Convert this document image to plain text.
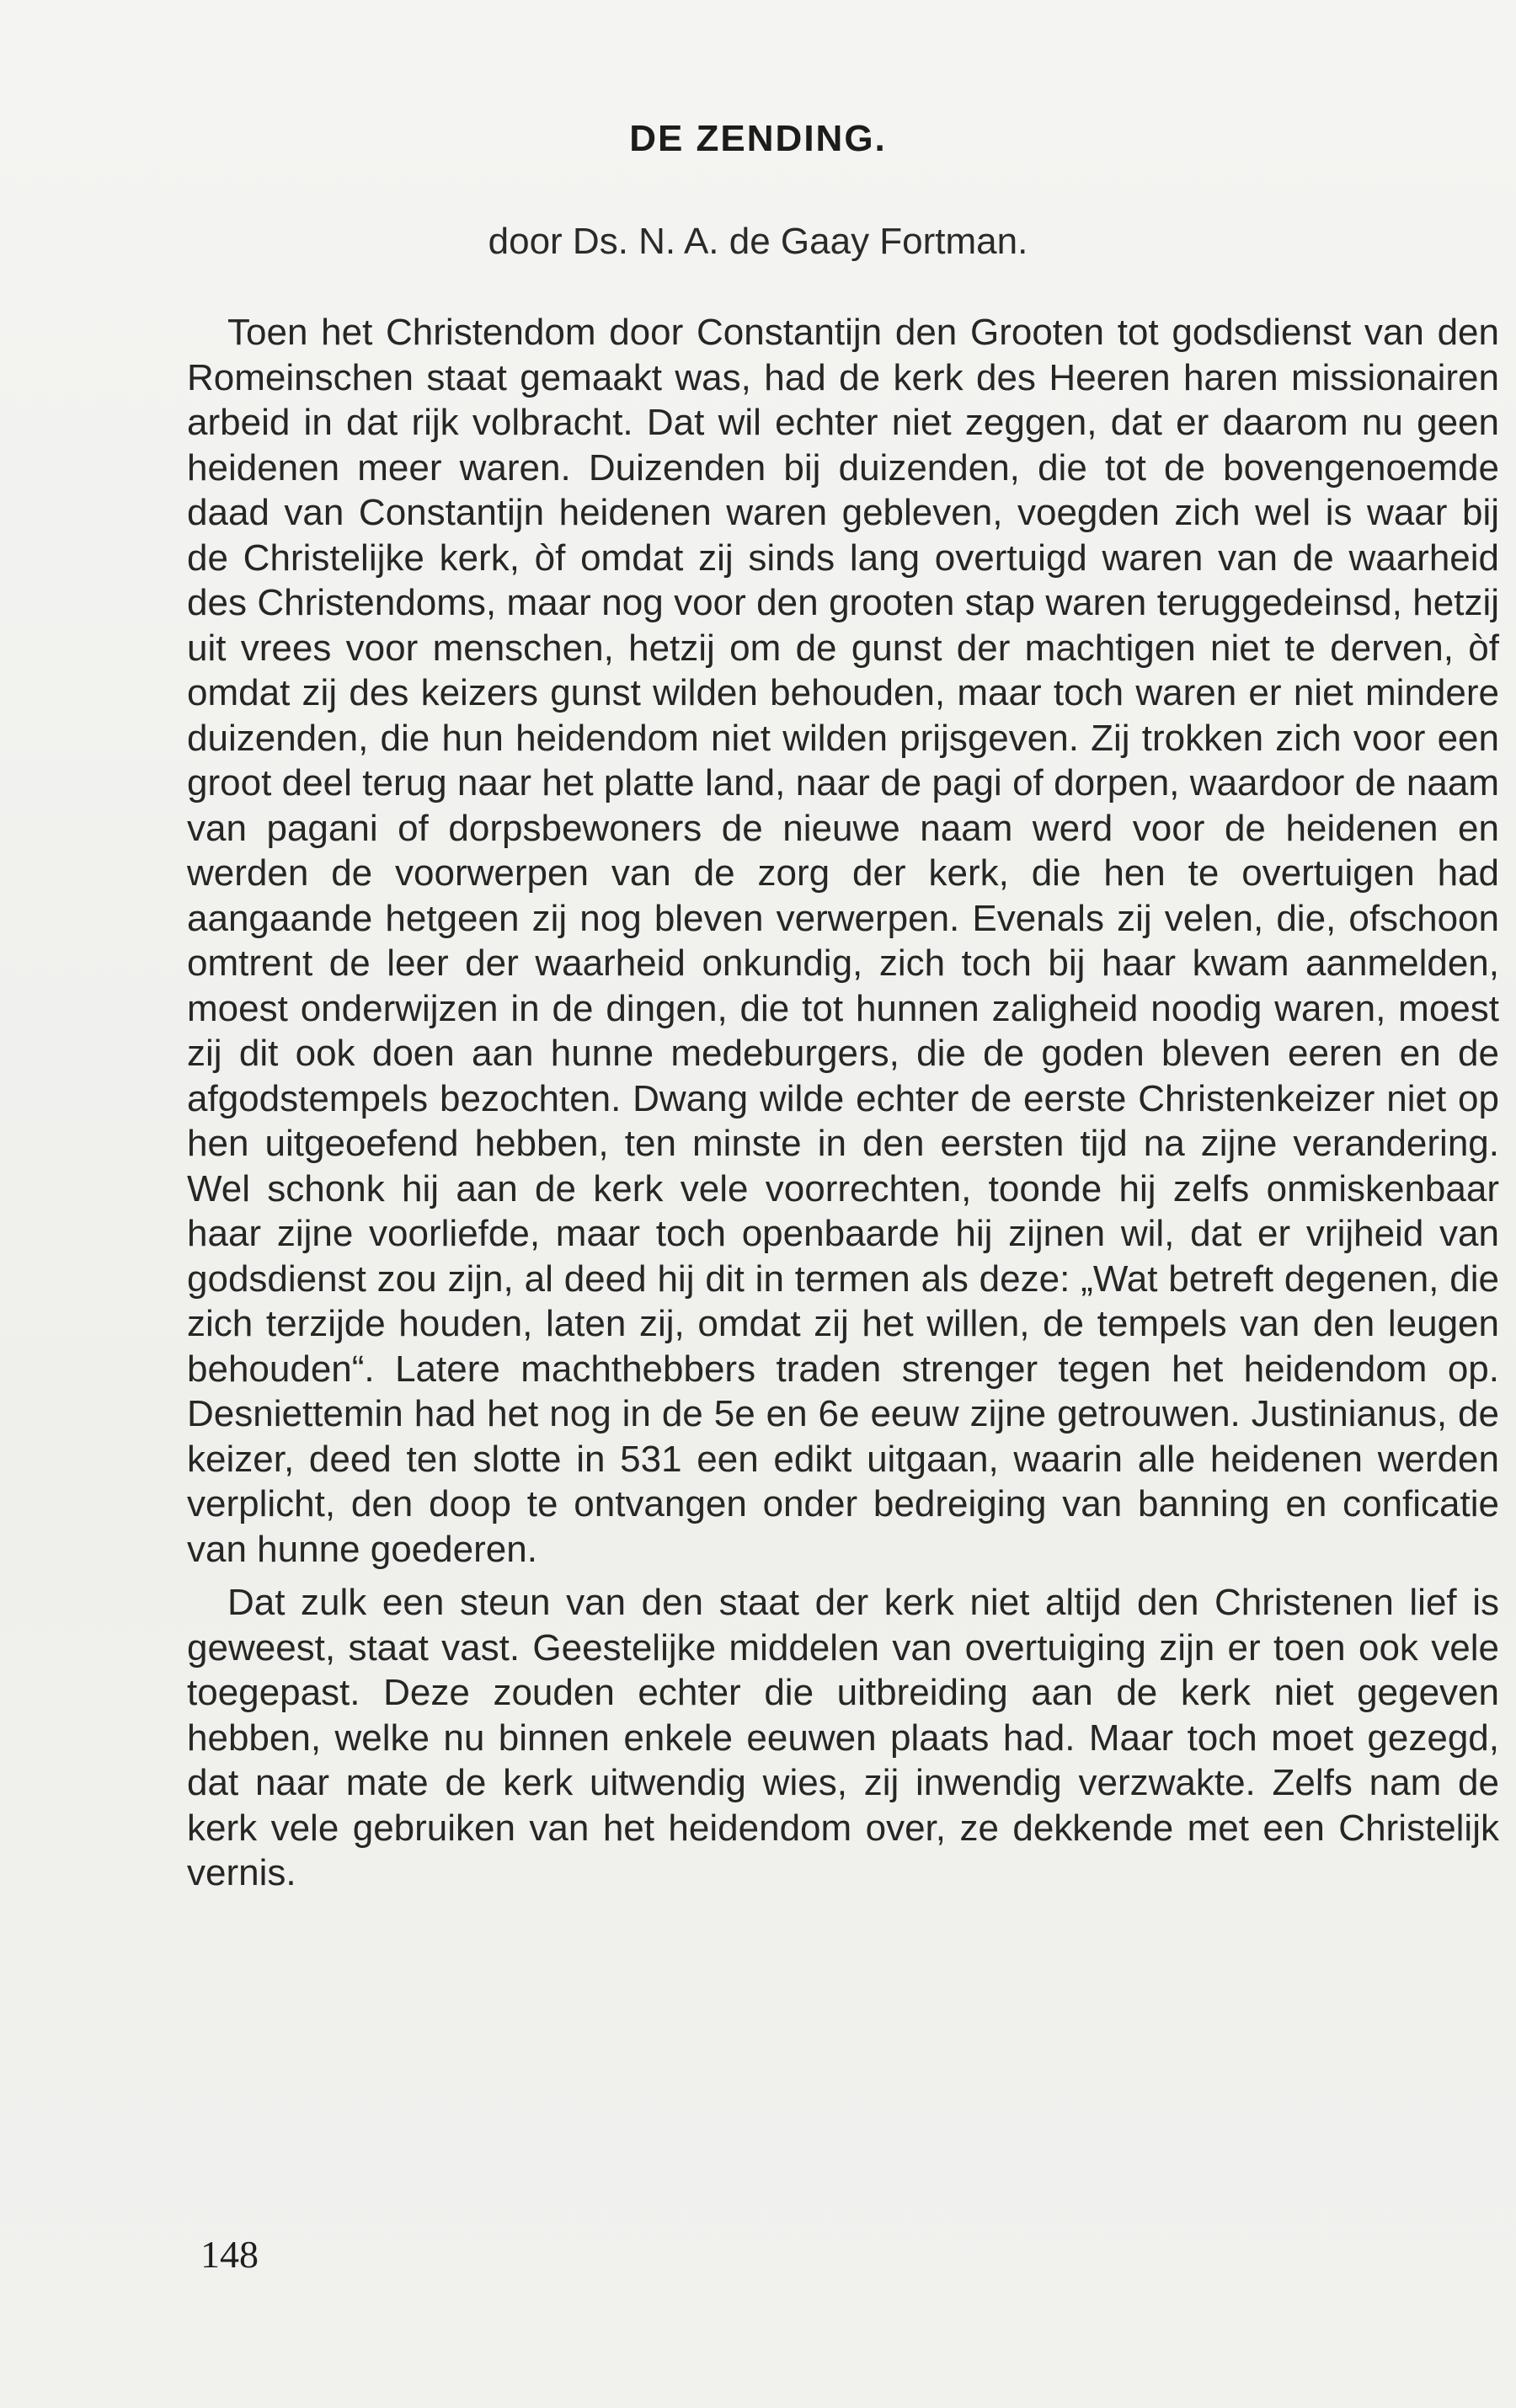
DE ZENDING.
door Ds. N. A. de Gaay Fortman.

Toen het Christendom door Constantijn den Grooten tot godsdienst van den Romeinschen staat gemaakt was, had de kerk des Heeren haren missionairen arbeid in dat rijk volbracht. Dat wil echter niet zeggen, dat er daarom nu geen heidenen meer waren. Duizenden bij duizenden, die tot de bovengenoemde daad van Constantijn heidenen waren gebleven, voegden zich wel is waar bij de Christelijke kerk, òf omdat zij sinds lang overtuigd waren van de waarheid des Christendoms, maar nog voor den grooten stap waren teruggedeinsd, hetzij uit vrees voor menschen, hetzij om de gunst der machtigen niet te derven, òf omdat zij des keizers gunst wilden behouden, maar toch waren er niet mindere duizenden, die hun heidendom niet wilden prijsgeven. Zij trokken zich voor een groot deel terug naar het platte land, naar de pagi of dorpen, waardoor de naam van pagani of dorpsbewoners de nieuwe naam werd voor de heidenen en werden de voorwerpen van de zorg der kerk, die hen te overtuigen had aangaande hetgeen zij nog bleven verwerpen. Evenals zij velen, die, ofschoon omtrent de leer der waarheid onkundig, zich toch bij haar kwam aanmelden, moest onderwijzen in de dingen, die tot hunnen zaligheid noodig waren, moest zij dit ook doen aan hunne medeburgers, die de goden bleven eeren en de afgodstempels bezochten. Dwang wilde echter de eerste Christenkeizer niet op hen uitgeoefend hebben, ten minste in den eersten tijd na zijne verandering. Wel schonk hij aan de kerk vele voorrechten, toonde hij zelfs onmiskenbaar haar zijne voorliefde, maar toch openbaarde hij zijnen wil, dat er vrijheid van godsdienst zou zijn, al deed hij dit in termen als deze: „Wat betreft degenen, die zich terzijde houden, laten zij, omdat zij het willen, de tempels van den leugen behouden“. Latere machthebbers traden strenger tegen het heidendom op. Desniettemin had het nog in de 5e en 6e eeuw zijne getrouwen. Justinianus, de keizer, deed ten slotte in 531 een edikt uitgaan, waarin alle heidenen werden verplicht, den doop te ontvangen onder bedreiging van banning en conficatie van hunne goederen.

Dat zulk een steun van den staat der kerk niet altijd den Christenen lief is geweest, staat vast. Geestelijke middelen van overtuiging zijn er toen ook vele toegepast. Deze zouden echter die uitbreiding aan de kerk niet gegeven hebben, welke nu binnen enkele eeuwen plaats had. Maar toch moet gezegd, dat naar mate de kerk uitwendig wies, zij inwendig verzwakte. Zelfs nam de kerk vele gebruiken van het heidendom over, ze dekkende met een Christelijk vernis.

148
